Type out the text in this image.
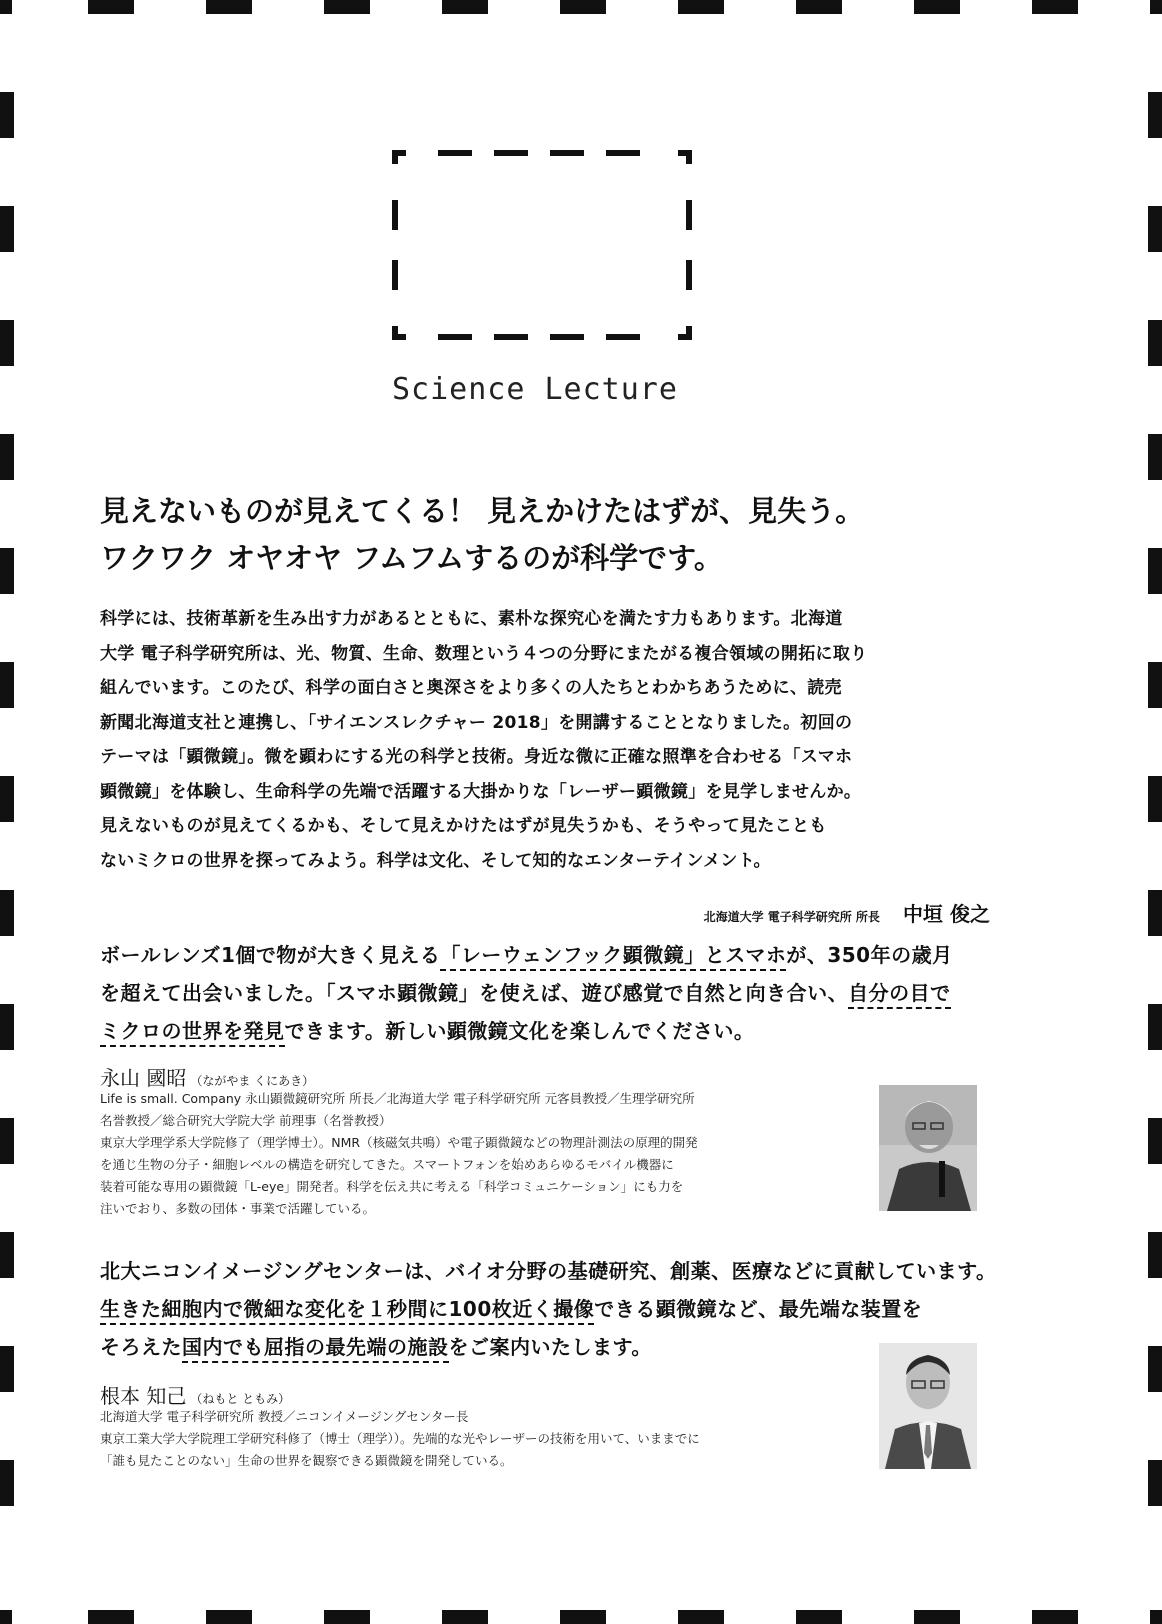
Science Lecture
見えないものが見えてくる！ 見えかけたはずが、見失う。
ワクワク オヤオヤ フムフムするのが科学です。

科学には、技術革新を生み出す力があるとともに、素朴な探究心を満たす力もあります。北海道

大学 電子科学研究所は、光、物質、生命、数理という４つの分野にまたがる複合領域の開拓に取り

組んでいます。このたび、科学の面白さと奥深さをより多くの人たちとわかちあうために、読売

新聞北海道支社と連携し、「サイエンスレクチャー 2018」を開講することとなりました。初回の

テーマは「顕微鏡」。微を顕わにする光の科学と技術。身近な微に正確な照準を合わせる「スマホ

顕微鏡」を体験し、生命科学の先端で活躍する大掛かりな「レーザー顕微鏡」を見学しませんか。

見えないものが見えてくるかも、そして見えかけたはずが見失うかも、そうやって見たことも

ないミクロの世界を探ってみよう。科学は文化、そして知的なエンターテインメント。

北海道大学 電子科学研究所 所長 中垣 俊之

ボールレンズ1個で物が大きく見える「レーウェンフック顕微鏡」とスマホが、350年の歳月

を超えて出会いました。「スマホ顕微鏡」を使えば、遊び感覚で自然と向き合い、自分の目で

ミクロの世界を発見できます。新しい顕微鏡文化を楽しんでください。

永山 國昭 （ながやま くにあき）

Life is small. Company 永山顕微鏡研究所 所長／北海道大学 電子科学研究所 元客員教授／生理学研究所

名誉教授／総合研究大学院大学 前理事（名誉教授）

東京大学理学系大学院修了（理学博士）。NMR（核磁気共鳴）や電子顕微鏡などの物理計測法の原理的開発

を通じ生物の分子・細胞レベルの構造を研究してきた。スマートフォンを始めあらゆるモバイル機器に

装着可能な専用の顕微鏡「L-eye」開発者。科学を伝え共に考える「科学コミュニケーション」にも力を

注いでおり、多数の団体・事業で活躍している。

北大ニコンイメージングセンターは、バイオ分野の基礎研究、創薬、医療などに貢献しています。

生きた細胞内で微細な変化を１秒間に100枚近く撮像できる顕微鏡など、最先端な装置を

そろえた国内でも屈指の最先端の施設をご案内いたします。

根本 知己 （ねもと ともみ）

北海道大学 電子科学研究所 教授／ニコンイメージングセンター長

東京工業大学大学院理工学研究科修了（博士（理学））。先端的な光やレーザーの技術を用いて、いままでに

「誰も見たことのない」生命の世界を観察できる顕微鏡を開発している。
